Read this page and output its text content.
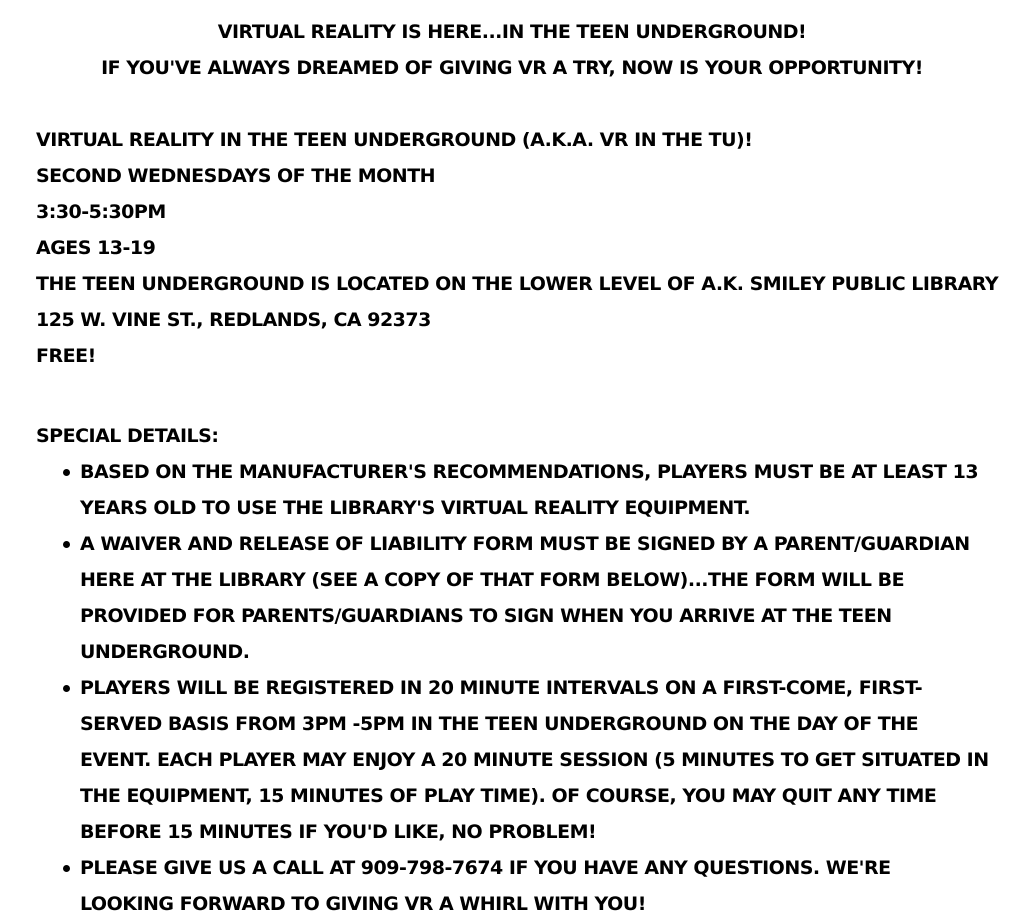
VIRTUAL REALITY IS HERE...IN THE TEEN UNDERGROUND!
IF YOU'VE ALWAYS DREAMED OF GIVING VR A TRY, NOW IS YOUR OPPORTUNITY!
VIRTUAL REALITY IN THE TEEN UNDERGROUND (A.K.A. VR IN THE TU)!
SECOND WEDNESDAYS OF THE MONTH
3:30-5:30PM
AGES 13-19
THE TEEN UNDERGROUND IS LOCATED ON THE LOWER LEVEL OF A.K. SMILEY PUBLIC LIBRARY
125 W. VINE ST., REDLANDS, CA 92373
FREE!
SPECIAL DETAILS:
BASED ON THE MANUFACTURER'S RECOMMENDATIONS, PLAYERS MUST BE AT LEAST 13 YEARS OLD TO USE THE LIBRARY'S VIRTUAL REALITY EQUIPMENT.
A WAIVER AND RELEASE OF LIABILITY FORM MUST BE SIGNED BY A PARENT/GUARDIAN HERE AT THE LIBRARY (SEE A COPY OF THAT FORM BELOW)...THE FORM WILL BE PROVIDED FOR PARENTS/GUARDIANS TO SIGN WHEN YOU ARRIVE AT THE TEEN UNDERGROUND.
PLAYERS WILL BE REGISTERED IN 20 MINUTE INTERVALS ON A FIRST-COME, FIRST-SERVED BASIS FROM 3PM -5PM IN THE TEEN UNDERGROUND ON THE DAY OF THE EVENT. EACH PLAYER MAY ENJOY A 20 MINUTE SESSION (5 MINUTES TO GET SITUATED IN THE EQUIPMENT, 15 MINUTES OF PLAY TIME). OF COURSE, YOU MAY QUIT ANY TIME BEFORE 15 MINUTES IF YOU'D LIKE, NO PROBLEM!
PLEASE GIVE US A CALL AT 909-798-7674 IF YOU HAVE ANY QUESTIONS. WE'RE LOOKING FORWARD TO GIVING VR A WHIRL WITH YOU!
